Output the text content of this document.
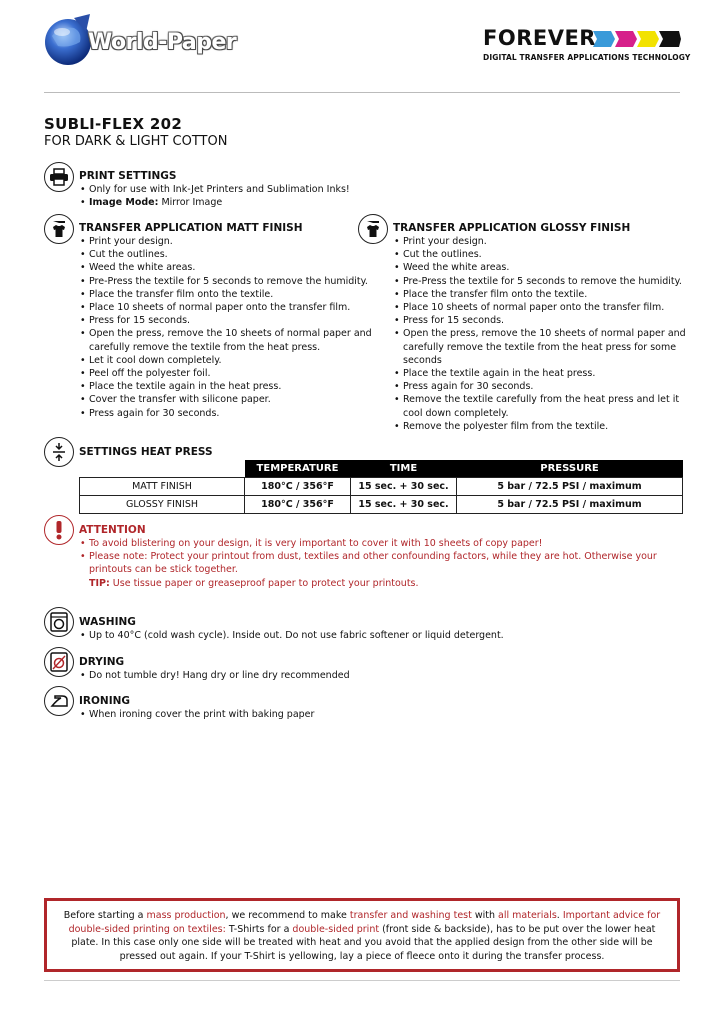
World-Paper	FOREVER
DIGITAL TRANSFER APPLICATIONS TECHNOLOGY
SUBLI-FLEX 202
FOR DARK & LIGHT COTTON
PRINT SETTINGS
• Only for use with Ink-Jet Printers and Sublimation Inks!
• Image Mode: Mirror Image
TRANSFER APPLICATION MATT FINISH
• Print your design.
• Cut the outlines.
• Weed the white areas.
• Pre-Press the textile for 5 seconds to remove the humidity.
• Place the transfer film onto the textile.
• Place 10 sheets of normal paper onto the transfer film.
• Press for 15 seconds.
• Open the press, remove the 10 sheets of normal paper and carefully remove the textile from the heat press.
• Let it cool down completely.
• Peel off the polyester foil.
• Place the textile again in the heat press.
• Cover the transfer with silicone paper.
• Press again for 30 seconds.
TRANSFER APPLICATION GLOSSY FINISH
• Print your design.
• Cut the outlines.
• Weed the white areas.
• Pre-Press the textile for 5 seconds to remove the humidity.
• Place the transfer film onto the textile.
• Place 10 sheets of normal paper onto the transfer film.
• Press for 15 seconds.
• Open the press, remove the 10 sheets of normal paper and carefully remove the textile from the heat press for some seconds
• Place the textile again in the heat press.
• Press again for 30 seconds.
• Remove the textile carefully from the heat press and let it cool down completely.
• Remove the polyester film from the textile.
SETTINGS HEAT PRESS
	TEMPERATURE	TIME	PRESSURE
MATT FINISH	180°C / 356°F	15 sec. + 30 sec.	5 bar / 72.5 PSI / maximum
GLOSSY FINISH	180°C / 356°F	15 sec. + 30 sec.	5 bar / 72.5 PSI / maximum
ATTENTION
• To avoid blistering on your design, it is very important to cover it with 10 sheets of copy paper!
• Please note: Protect your printout from dust, textiles and other confounding factors, while they are hot. Otherwise your printouts can be stick together.
TIP: Use tissue paper or greaseproof paper to protect your printouts.
WASHING
• Up to 40°C (cold wash cycle). Inside out. Do not use fabric softener or liquid detergent.
DRYING
• Do not tumble dry! Hang dry or line dry recommended
IRONING
• When ironing cover the print with baking paper
Before starting a mass production, we recommend to make transfer and washing test with all materials. Important advice for double-sided printing on textiles: T-Shirts for a double-sided print (front side & backside), has to be put over the lower heat plate. In this case only one side will be treated with heat and you avoid that the applied design from the other side will be pressed out again. If your T-Shirt is yellowing, lay a piece of fleece onto it during the transfer process.
